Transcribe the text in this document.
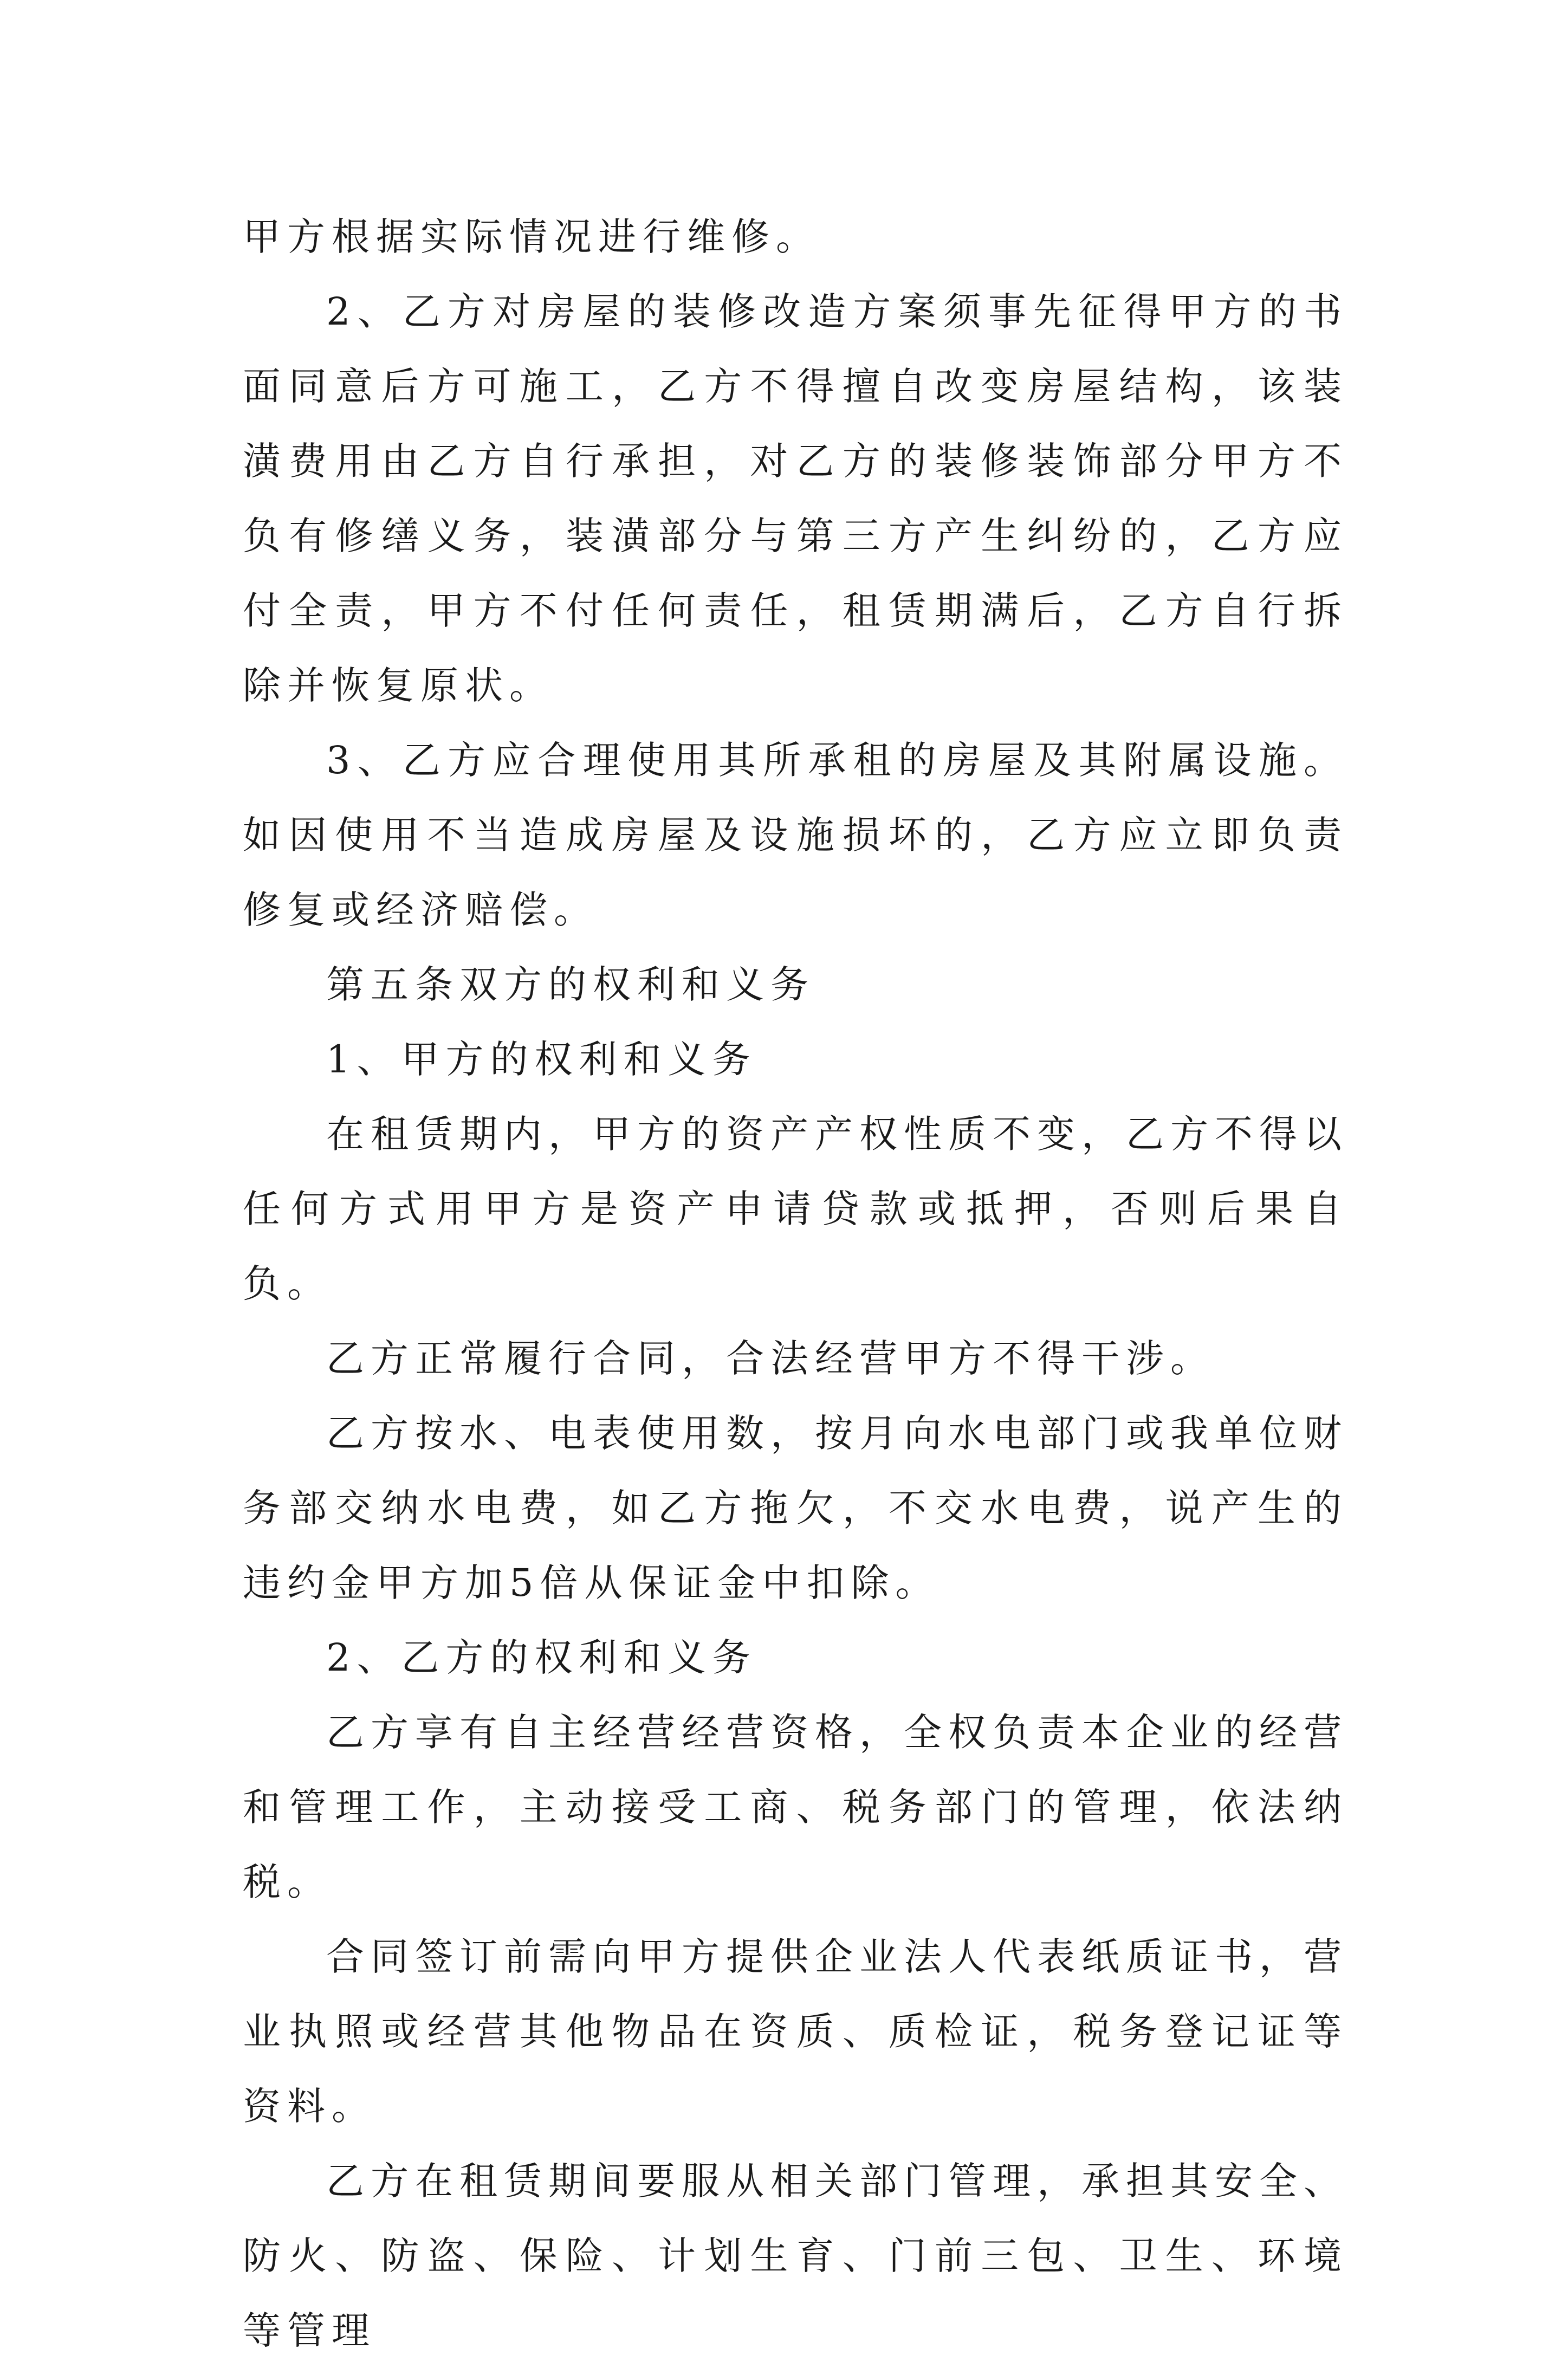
甲方根据实际情况进行维修。

2、乙方对房屋的装修改造方案须事先征得甲方的书面同意后方可施工，乙方不得擅自改变房屋结构，该装潢费用由乙方自行承担，对乙方的装修装饰部分甲方不负有修缮义务，装潢部分与第三方产生纠纷的，乙方应付全责，甲方不付任何责任，租赁期满后，乙方自行拆除并恢复原状。

3、乙方应合理使用其所承租的房屋及其附属设施。如因使用不当造成房屋及设施损坏的，乙方应立即负责修复或经济赔偿。

第五条双方的权利和义务

1、甲方的权利和义务

在租赁期内，甲方的资产产权性质不变，乙方不得以任何方式用甲方是资产申请贷款或抵押，否则后果自负。

乙方正常履行合同，合法经营甲方不得干涉。

乙方按水、电表使用数，按月向水电部门或我单位财务部交纳水电费，如乙方拖欠，不交水电费，说产生的违约金甲方加5倍从保证金中扣除。

2、乙方的权利和义务

乙方享有自主经营经营资格，全权负责本企业的经营和管理工作，主动接受工商、税务部门的管理，依法纳税。

合同签订前需向甲方提供企业法人代表纸质证书，营业执照或经营其他物品在资质、质检证，税务登记证等资料。

乙方在租赁期间要服从相关部门管理，承担其安全、防火、防盗、保险、计划生育、门前三包、卫生、环境等管理
